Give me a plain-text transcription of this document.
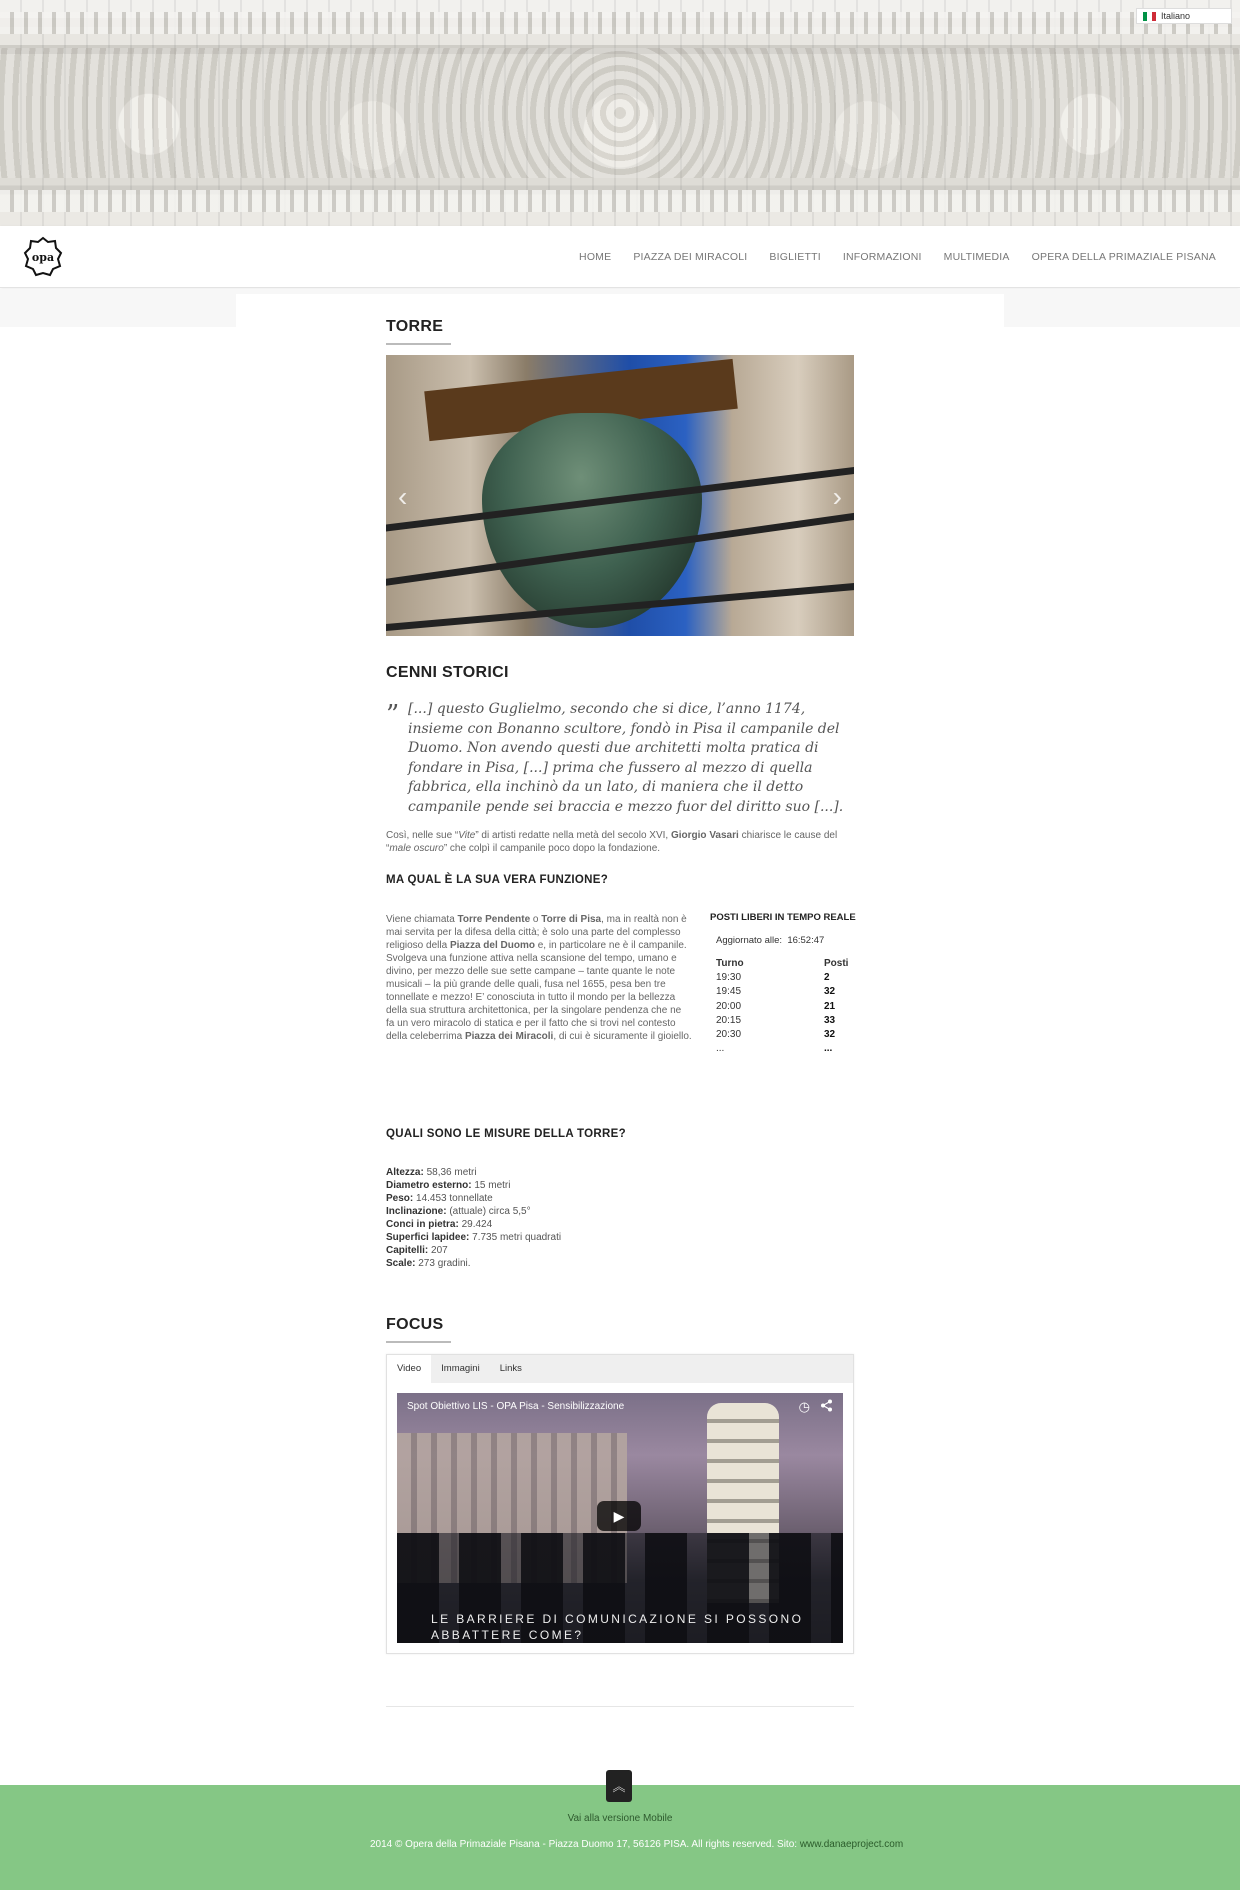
Italiano
opa	HOME PIAZZA DEI MIRACOLI BIGLIETTI INFORMAZIONI MULTIMEDIA OPERA DELLA PRIMAZIALE PISANA
TORRE
‹	›
CENNI STORICI
” [...] questo Guglielmo, secondo che si dice, l’anno 1174, insieme con Bonanno scultore, fondò in Pisa il campanile del Duomo. Non avendo questi due architetti molta pratica di fondare in Pisa, [...] prima che fussero al mezzo di quella fabbrica, ella inchinò da un lato, di maniera che il detto campanile pende sei braccia e mezzo fuor del diritto suo [...].
Così, nelle sue “Vite” di artisti redatte nella metà del secolo XVI, Giorgio Vasari chiarisce le cause del “male oscuro” che colpì il campanile poco dopo la fondazione.
MA QUAL È LA SUA VERA FUNZIONE?
Viene chiamata Torre Pendente o Torre di Pisa, ma in realtà non è mai servita per la difesa della città; è solo una parte del complesso religioso della Piazza del Duomo e, in particolare ne è il campanile. Svolgeva una funzione attiva nella scansione del tempo, umano e divino, per mezzo delle sue sette campane – tante quante le note musicali – la più grande delle quali, fusa nel 1655, pesa ben tre tonnellate e mezzo! E’ conosciuta in tutto il mondo per la bellezza della sua struttura architettonica, per la singolare pendenza che ne fa un vero miracolo di statica e per il fatto che si trovi nel contesto della celeberrima Piazza dei Miracoli, di cui è sicuramente il gioiello.
POSTI LIBERI IN TEMPO REALE
Aggiornato alle: 16:52:47
Turno	Posti
19:30	2
19:45	32
20:00	21
20:15	33
20:30	32
...	...
QUALI SONO LE MISURE DELLA TORRE?
Altezza: 58,36 metri
Diametro esterno: 15 metri
Peso: 14.453 tonnellate
Inclinazione: (attuale) circa 5,5°
Conci in pietra: 29.424
Superfici lapidee: 7.735 metri quadrati
Capitelli: 207
Scale: 273 gradini.
FOCUS
Video	Immagini	Links
Spot Obiettivo LIS - OPA Pisa - Sensibilizzazione	◷
▶
LE BARRIERE DI COMUNICAZIONE SI POSSONO ABBATTERE COME?
︽
Vai alla versione Mobile
2014 © Opera della Primaziale Pisana - Piazza Duomo 17, 56126 PISA. All rights reserved. Sito: www.danaeproject.com
